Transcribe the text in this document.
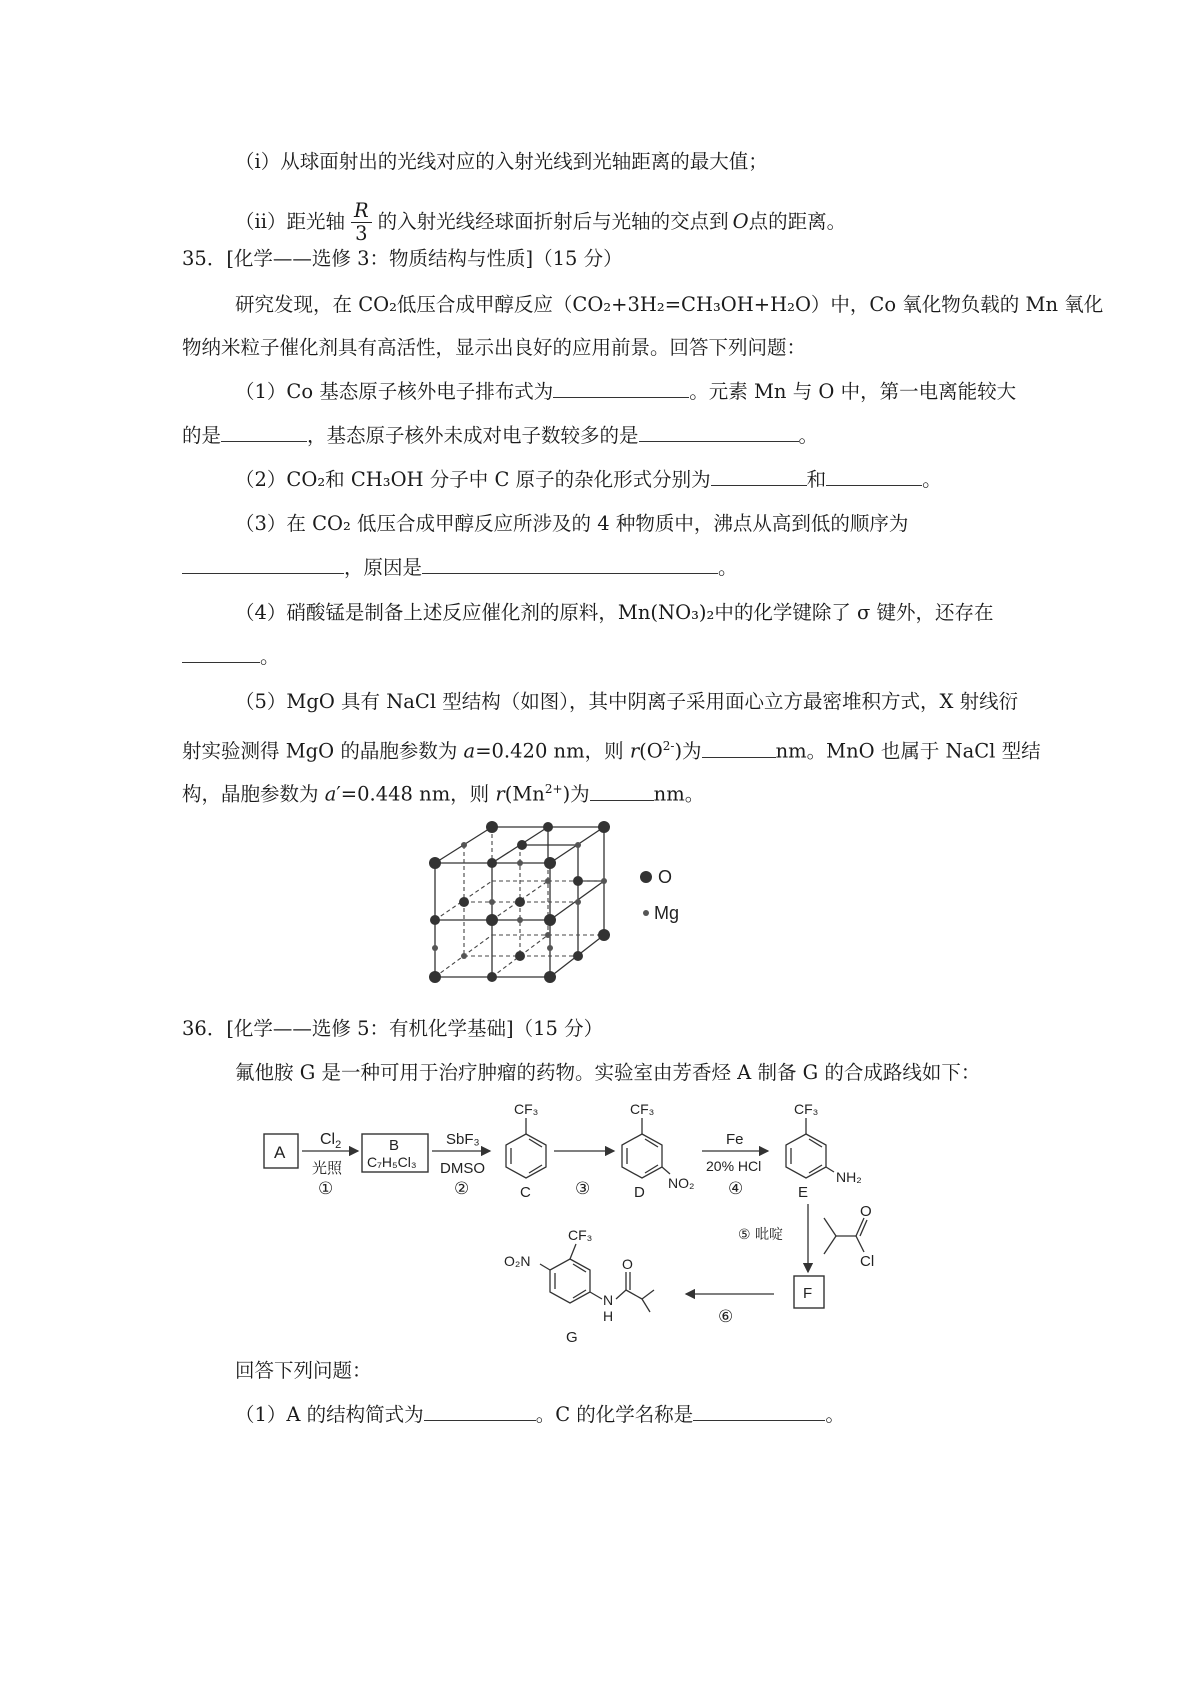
（i）从球面射出的光线对应的入射光线到光轴距离的最大值；
（ii）距光轴 $\frac{R}{3}$ 的入射光线经球面折射后与光轴的交点到  O点的距离。
35．[化学——选修 3：物质结构与性质]（15 分）
研究发现，在 CO₂低压合成甲醇反应（CO₂+3H₂=CH₃OH+H₂O）中，Co 氧化物负载的 Mn 氧化
物纳米粒子催化剂具有高活性，显示出良好的应用前景。回答下列问题：
（1）Co 基态原子核外电子排布式为	。元素 Mn 与 O 中，第一电离能较大
的是	，基态原子核外未成对电子数较多的是	。
（2）CO₂和 CH₃OH 分子中 C 原子的杂化形式分别为	和	。
（3）在 CO₂ 低压合成甲醇反应所涉及的 4 种物质中，沸点从高到低的顺序为
，原因是	。
（4）硝酸锰是制备上述反应催化剂的原料，Mn(NO₃)₂中的化学键除了 σ 键外，还存在
。
（5）MgO 具有 NaCl 型结构（如图），其中阴离子采用面心立方最密堆积方式，X 射线衍
射实验测得 MgO 的晶胞参数为 a=0.420 nm，则 $r(O^{2-})$为	nm。MnO 也属于 NaCl 型结
构，晶胞参数为 a′=0.448 nm，则 $r(Mn^{2+})$为	nm。
O
Mg
36．[化学——选修 5：有机化学基础]（15 分）
氟他胺 G 是一种可用于治疗肿瘤的药物。实验室由芳香烃 A 制备 G 的合成路线如下：
A
$Cl_2$
光照
①
B
C₇H₅Cl₃
SbF₃
DMSO
②
CF₃
C	③
CF₃
NO₂
D
Fe
20% HCl
④
CF₃
NH₂
E
⑤ 吡啶
O
Cl
F
⑥
CF₃
O₂N	O
N
H
G
回答下列问题：
（1）A 的结构简式为	。C 的化学名称是	。
